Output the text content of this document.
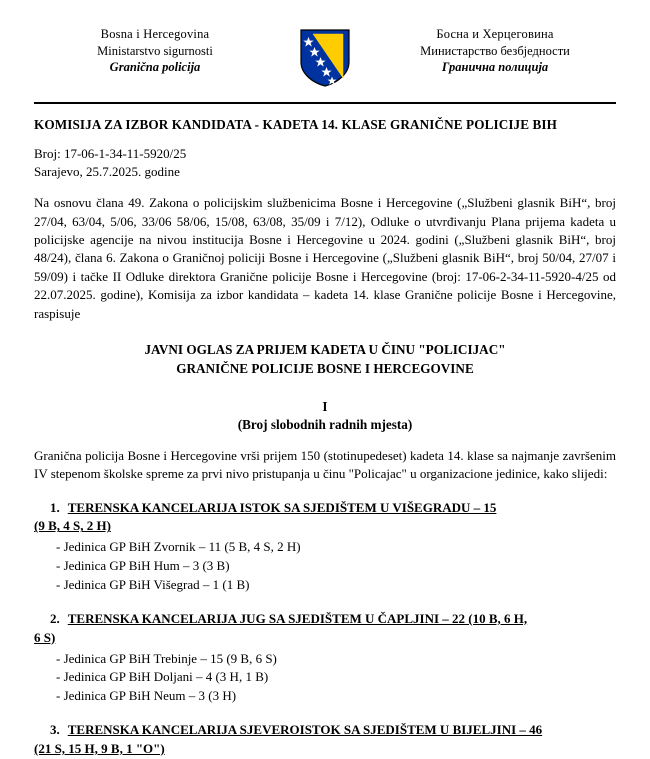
Bosna i Hercegovina
Ministarstvo sigurnosti
Granična policija
Босна и Херцеговина
Министарство безбједности
Гранична полиција
KOMISIJA ZA IZBOR KANDIDATA - KADETA 14. KLASE GRANIČNE POLICIJE BIH
Broj: 17-06-1-34-11-5920/25
Sarajevo, 25.7.2025. godine
Na osnovu člana 49. Zakona o policijskim službenicima Bosne i Hercegovine („Službeni glasnik BiH“, broj 27/04, 63/04, 5/06, 33/06 58/06, 15/08, 63/08, 35/09 i 7/12), Odluke o utvrđivanju Plana prijema kadeta u policijske agencije na nivou institucija Bosne i Hercegovine u 2024. godini („Službeni glasnik BiH“, broj 48/24), člana 6. Zakona o Graničnoj policiji Bosne i Hercegovine („Službeni glasnik BiH“, broj 50/04, 27/07 i 59/09) i tačke II Odluke direktora Granične policije Bosne i Hercegovine (broj: 17-06-2-34-11-5920-4/25 od 22.07.2025. godine), Komisija za izbor kandidata – kadeta 14. klase Granične policije Bosne i Hercegovine, raspisuje
JAVNI OGLAS ZA PRIJEM KADETA U ČINU "POLICIJAC"
GRANIČNE POLICIJE BOSNE I HERCEGOVINE
I
(Broj slobodnih radnih mjesta)
Granična policija Bosne i Hercegovine vrši prijem 150 (stotinupedeset) kadeta 14. klase sa najmanje završenim IV stepenom školske spreme za prvi nivo pristupanja u činu "Policajac" u organizacione jedinice, kako slijedi:
1. TERENSKA KANCELARIJA ISTOK SA SJEDIŠTEM U VIŠEGRADU – 15
(9 B, 4 S, 2 H)
- Jedinica GP BiH Zvornik – 11 (5 B, 4 S, 2 H)
- Jedinica GP BiH Hum – 3 (3 B)
- Jedinica GP BiH Višegrad – 1 (1 B)
2. TERENSKA KANCELARIJA JUG SA SJEDIŠTEM U ČAPLJINI – 22 (10 B, 6 H,
6 S)
- Jedinica GP BiH Trebinje – 15 (9 B, 6 S)
- Jedinica GP BiH Doljani – 4 (3 H, 1 B)
- Jedinica GP BiH Neum – 3 (3 H)
3. TERENSKA KANCELARIJA SJEVEROISTOK SA SJEDIŠTEM U BIJELJINI – 46
(21 S, 15 H, 9 B, 1 "O")
